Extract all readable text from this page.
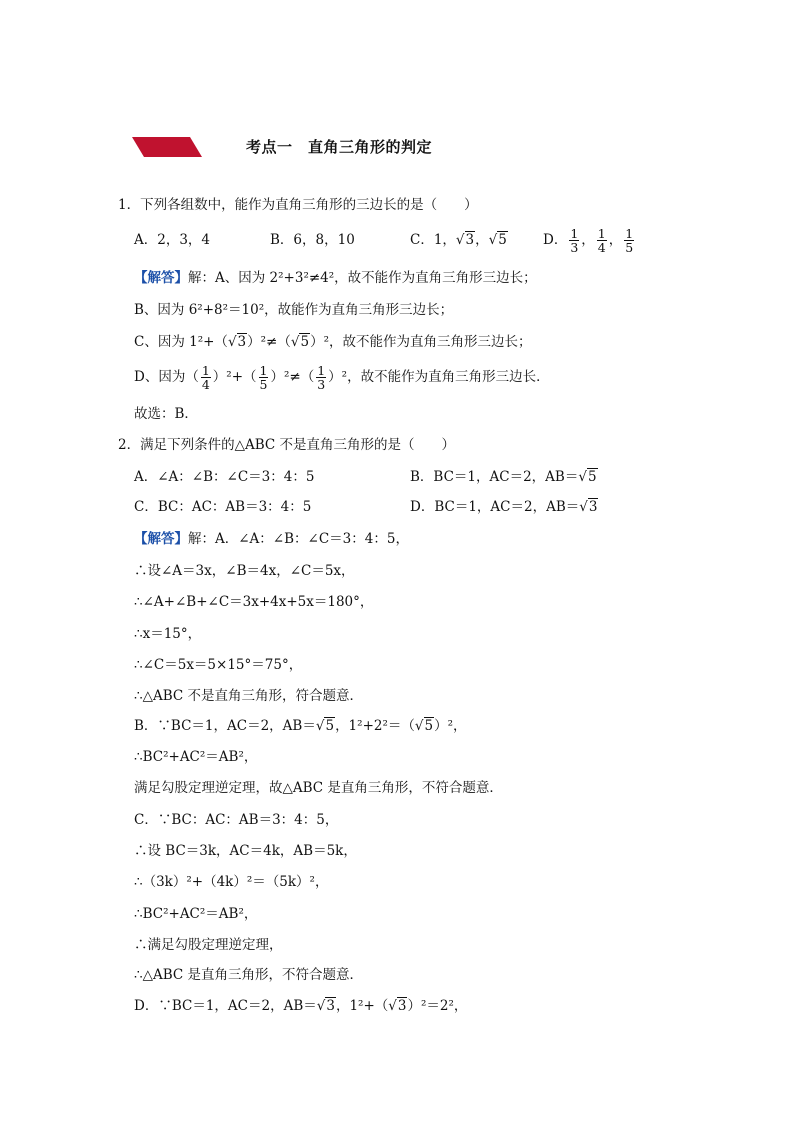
考点一　直角三角形的判定
1．下列各组数中，能作为直角三角形的三边长的是（　　）
A．2，3，4	B．6，8，10	C．1，√3，√5	D． $\frac{1}{3}$ ， $\frac{1}{4}$ ， $\frac{1}{5}$
【解答】解：A、因为 2²+3²≠4²，故不能作为直角三角形三边长；
B、因为 6²+8²＝10²，故能作为直角三角形三边长；
C、因为 1²+（√3）²≠（√5）²，故不能作为直角三角形三边长；
D、因为（ $\frac{1}{4} )^2+( \frac{1}{5} )^2\ne( \frac{1}{3} )^2$，故不能作为直角三角形三边长．
故选：B．
2．满足下列条件的△ABC 不是直角三角形的是（　　）
A．∠A：∠B：∠C＝3：4：5	B．BC＝1，AC＝2，AB＝√5
C．BC：AC：AB＝3：4：5	D．BC＝1，AC＝2，AB＝√3
【解答】解：A．∠A：∠B：∠C＝3：4：5，
∴设∠A＝3x，∠B＝4x，∠C＝5x，
∴∠A+∠B+∠C＝3x+4x+5x＝180°，
∴x＝15°，
∴∠C＝5x＝5×15°＝75°，
∴△ABC 不是直角三角形，符合题意．
B．∵BC＝1，AC＝2，AB＝√5，1²+2²＝（√5）²，
∴BC²+AC²＝AB²，
满足勾股定理逆定理，故△ABC 是直角三角形，不符合题意．
C．∵BC：AC：AB＝3：4：5，
∴设 BC＝3k，AC＝4k，AB＝5k，
∴（3k）²+（4k）²＝（5k）²，
∴BC²+AC²＝AB²，
∴满足勾股定理逆定理，
∴△ABC 是直角三角形，不符合题意．
D．∵BC＝1，AC＝2，AB＝√3，1²+（√3）²＝2²，
